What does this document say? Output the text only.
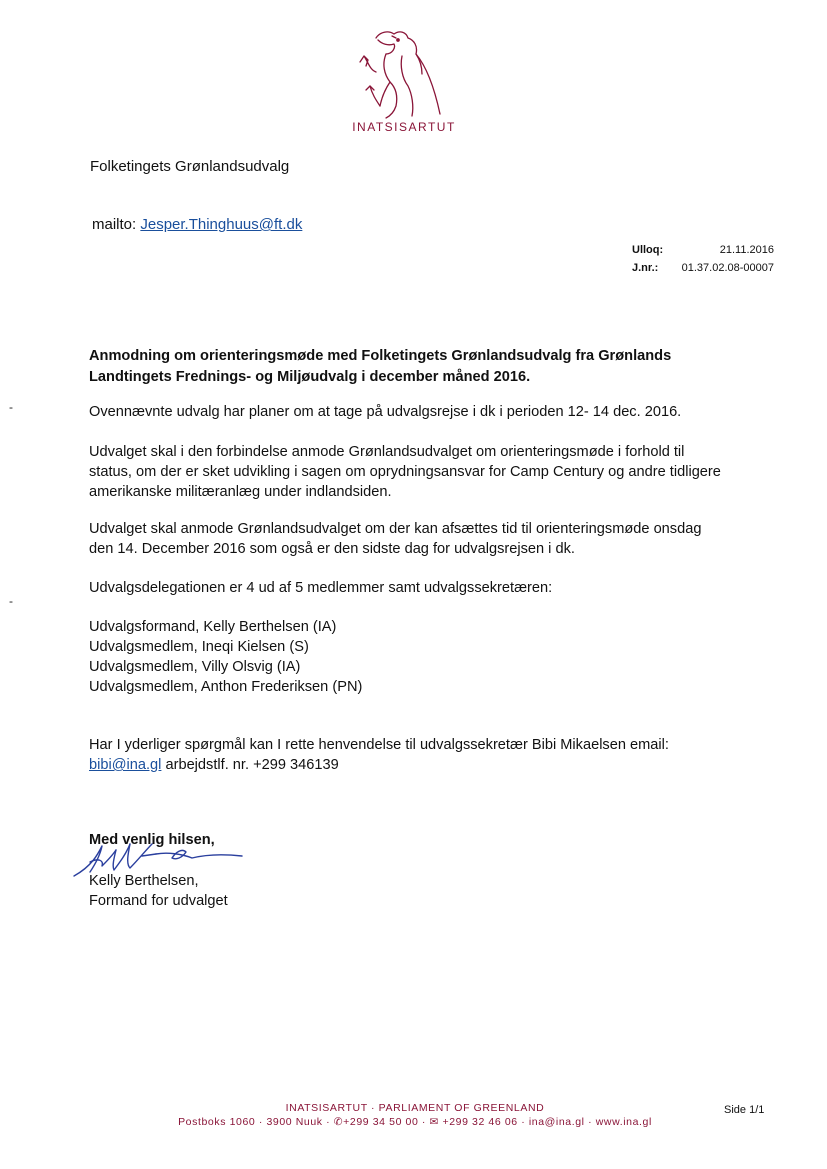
INATSISARTUT
Folketingets Grønlandsudvalg
mailto: Jesper.Thinghuus@ft.dk
Ulloq:	21.11.2016
J.nr.: 01.37.02.08-00007
Anmodning om orienteringsmøde med Folketingets Grønlandsudvalg fra Grønlands Landtingets Frednings- og Miljøudvalg i december måned 2016.
-
-
Ovennævnte udvalg har planer om at tage på udvalgsrejse i dk i perioden 12- 14 dec. 2016.
Udvalget skal i den forbindelse anmode Grønlandsudvalget om orienteringsmøde i forhold til status, om der er sket udvikling i sagen om oprydningsansvar for Camp Century og andre tidligere amerikanske militæranlæg under indlandsiden.
Udvalget skal anmode Grønlandsudvalget om der kan afsættes tid til orienteringsmøde onsdag den 14. December 2016 som også er den sidste dag for udvalgsrejsen i dk.
Udvalgsdelegationen er 4 ud af 5 medlemmer samt udvalgssekretæren:
Udvalgsformand, Kelly Berthelsen (IA)
Udvalgsmedlem, Ineqi Kielsen (S)
Udvalgsmedlem, Villy Olsvig (IA)
Udvalgsmedlem, Anthon Frederiksen (PN)
Har I yderliger spørgmål kan I rette henvendelse til udvalgssekretær Bibi Mikaelsen email:
bibi@ina.gl arbejdstlf. nr. +299 346139
Med venlig hilsen,
Kelly Berthelsen,
Formand for udvalget
INATSISARTUT · PARLIAMENT OF GREENLAND
Postboks 1060 · 3900 Nuuk · ✆+299 34 50 00 · ✉ +299 32 46 06 · ina@ina.gl · www.ina.gl
Side 1/1
